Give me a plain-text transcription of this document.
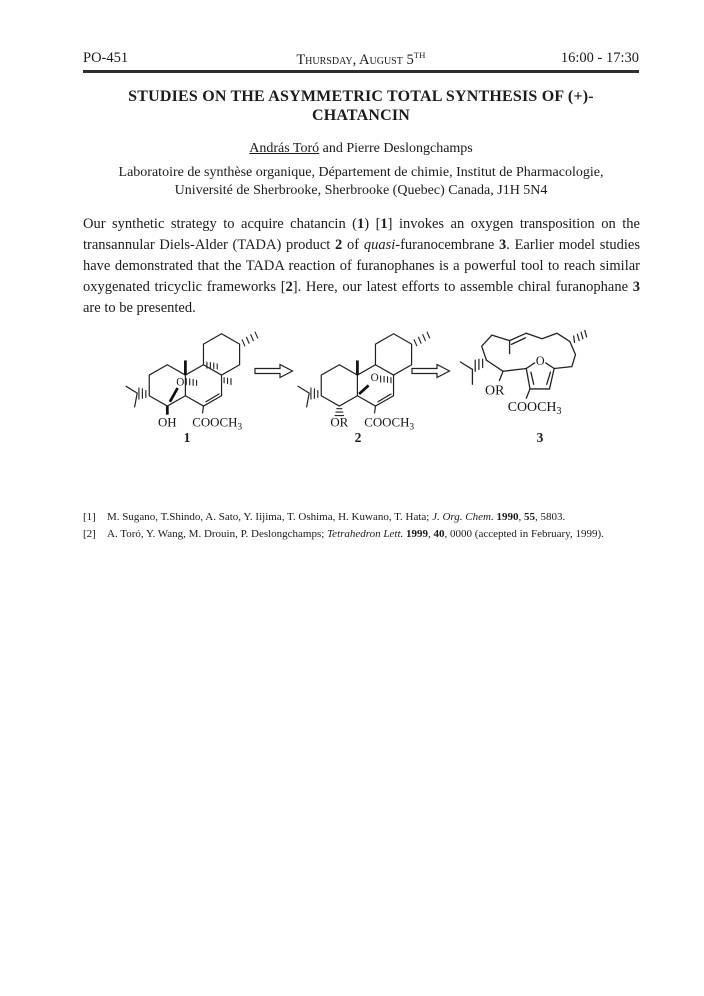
PO-451	Thursday, August 5TH	16:00 - 17:30
STUDIES ON THE ASYMMETRIC TOTAL SYNTHESIS OF (+)-
CHATANCIN
András Toró and Pierre Deslongchamps
Laboratoire de synthèse organique, Département de chimie, Institut de Pharmacologie,
Université de Sherbrooke, Sherbrooke (Quebec) Canada, J1H 5N4

Our synthetic strategy to acquire chatancin (1) [1] invokes an oxygen transposition on the transannular Diels-Alder (TADA) product 2 of quasi-furanocembrane 3. Earlier model studies have demonstrated that the TADA reaction of furanophanes is a powerful tool to reach similar oxygenated tricyclic frameworks [2]. Here, our latest efforts to assemble chiral furanophane 3 are to be presented.

O
OH $COOCH_3$
O
OR $COOCH_3$
O
OR
$COOCH_3$
1	2	3
[1]	M. Sugano, T.Shindo, A. Sato, Y. Iijima, T. Oshima, H. Kuwano, T. Hata; J. Org. Chem. 1990, 55, 5803.
[2]	A. Toró, Y. Wang, M. Drouin, P. Deslongchamps; Tetrahedron Lett. 1999, 40, 0000 (accepted in February, 1999).
